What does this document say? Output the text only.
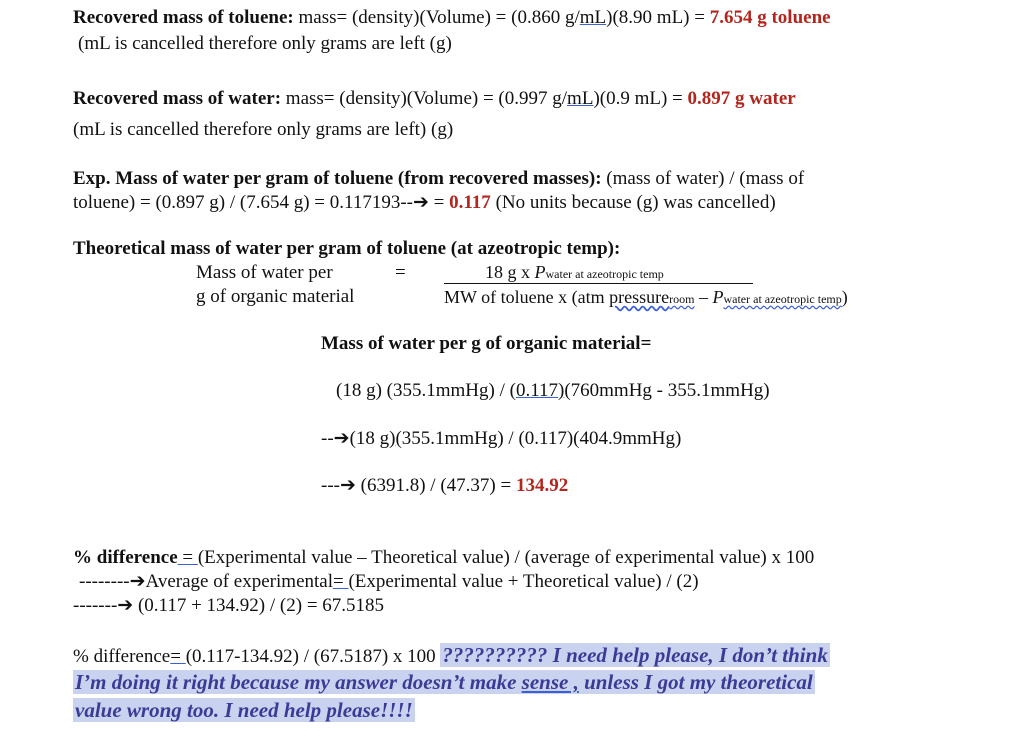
Recovered mass of toluene: mass= (density)(Volume) = (0.860 g/mL)(8.90 mL) = 7.654 g toluene
(mL is cancelled therefore only grams are left (g)
Recovered mass of water: mass= (density)(Volume) = (0.997 g/mL)(0.9 mL) = 0.897 g water
(mL is cancelled therefore only grams are left) (g)
Exp. Mass of water per gram of toluene (from recovered masses): (mass of water) / (mass of
toluene) = (0.897 g) / (7.654 g) = 0.117193--➔ = 0.117 (No units because (g) was cancelled)
Theoretical mass of water per gram of toluene (at azeotropic temp):
Mass of water per
g of organic material
=	18 g x Pwater at azeotropic temp
MW of toluene x (atm pressureroom – Pwater at azeotropic temp)
Mass of water per g of organic material=
(18 g) (355.1mmHg) / (0.117)(760mmHg - 355.1mmHg)
--➔(18 g)(355.1mmHg) / (0.117)(404.9mmHg)
---➔ (6391.8) / (47.37) = 134.92
% difference = (Experimental value – Theoretical value) / (average of experimental value) x 100
--------➔Average of experimental= (Experimental value + Theoretical value) / (2)
-------➔ (0.117 + 134.92) / (2) = 67.5185
% difference= (0.117-134.92) / (67.5187) x 100 ?????????? I need help please, I don’t think
I’m doing it right because my answer doesn’t make sense , unless I got my theoretical
value wrong too. I need help please!!!!
